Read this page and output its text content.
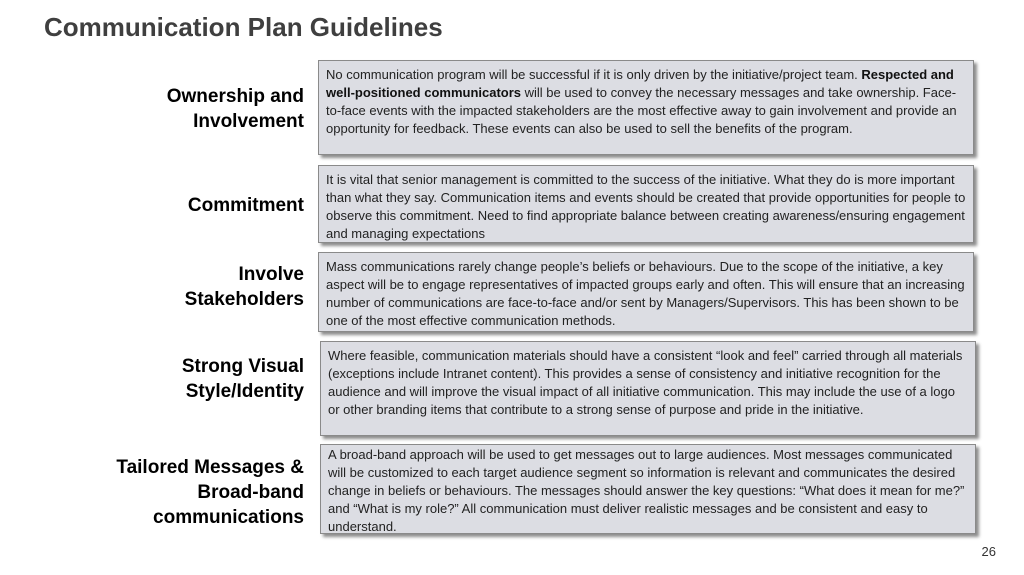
Communication Plan Guidelines
Ownership and
Involvement
No communication program will be successful if it is only driven by the initiative/project team. Respected and well-positioned communicators will be used to convey the necessary messages and take ownership. Face-to-face events with the impacted stakeholders are the most effective away to gain involvement and provide an opportunity for feedback. These events can also be used to sell the benefits of the program.
Commitment
It is vital that senior management is committed to the success of the initiative. What they do is more important than what they say. Communication items and events should be created that provide opportunities for people to observe this commitment. Need to find appropriate balance between creating awareness/ensuring engagement and managing expectations
Involve
Stakeholders
Mass communications rarely change people’s beliefs or behaviours. Due to the scope of the initiative, a key aspect will be to engage representatives of impacted groups early and often. This will ensure that an increasing number of communications are face-to-face and/or sent by Managers/Supervisors. This has been shown to be one of the most effective communication methods.
Strong Visual
Style/Identity
Where feasible, communication materials should have a consistent “look and feel” carried through all materials (exceptions include Intranet content). This provides a sense of consistency and initiative recognition for the audience and will improve the visual impact of all initiative communication. This may include the use of a logo or other branding items that contribute to a strong sense of purpose and pride in the initiative.
Tailored Messages &
Broad-band
communications
A broad-band approach will be used to get messages out to large audiences. Most messages communicated will be customized to each target audience segment so information is relevant and communicates the desired change in beliefs or behaviours. The messages should answer the key questions: “What does it mean for me?” and “What is my role?” All communication must deliver realistic messages and be consistent and easy to understand.
26
